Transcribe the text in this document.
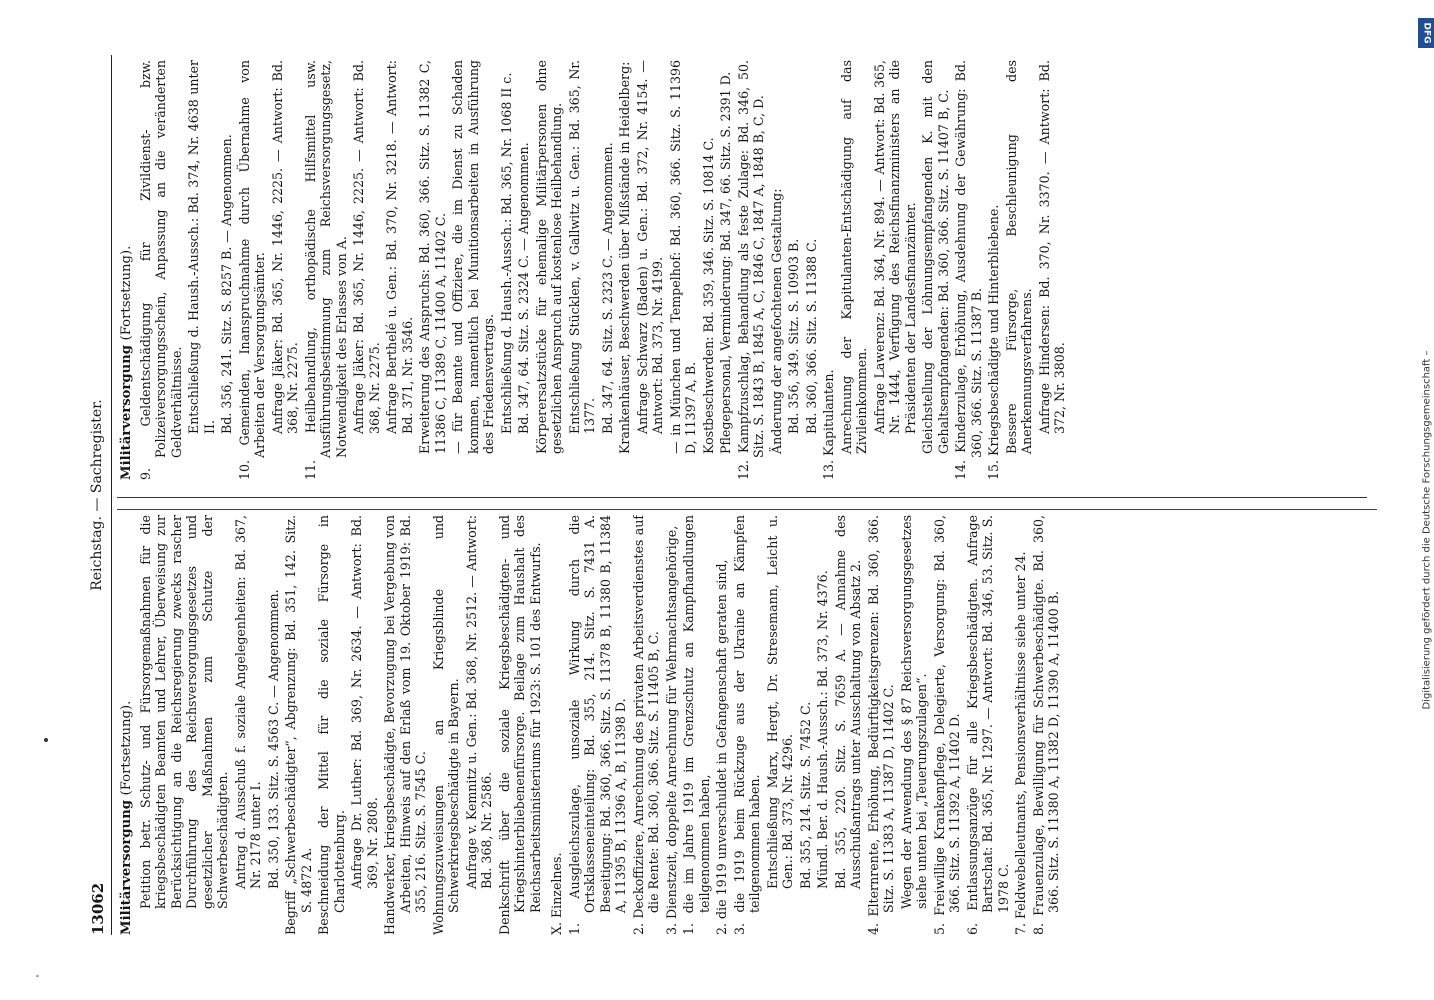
13062
Reichstag. — Sachregister.
Militärversorgung (Fortsetzung). Petition betr. Schutz- und Fürsorgemaßnahmen für die kriegsbeschädigten Beamten und Lehrer, Überweisung zur Berücksichtigung an die Reichsregierung zwecks rascher Durchführung des Reichsversorgungsgesetzes und gesetzlicher Maßnahmen zum Schutze der Schwerbeschädigten. Antrag d. Ausschuß f. soziale Angelegenheiten: Bd. 367, Nr. 2178 unter I. Bd. 350, 133. Sitz. S. 4563 C. — Angenommen. Begriff „Schwerbeschädigter“, Abgrenzung: Bd. 351, 142. Sitz. S. 4872 A. Beschneidung der Mittel für die soziale Fürsorge in Charlottenburg. Anfrage Dr. Luther: Bd. 369, Nr. 2634. — Antwort: Bd. 369, Nr. 2808. Handwerker, kriegsbeschädigte, Bevorzugung bei Vergebung von Arbeiten, Hinweis auf den Erlaß vom 19. Oktober 1919: Bd. 355, 216. Sitz. S. 7545 C. Wohnungszuweisungen an Kriegsblinde und Schwerkriegsbeschädigte in Bayern. Anfrage v. Kemnitz u. Gen.: Bd. 368, Nr. 2512. — Antwort: Bd. 368, Nr. 2586. Denkschrift über die soziale Kriegsbeschädigten- und Kriegshinterbliebenenfürsorge. Beilage zum Haushalt des Reichsarbeitsministeriums für 1923: S. 101 des Entwurfs. X. Einzelnes. 1. Ausgleichszulage, unsoziale Wirkung durch die Ortsklasseneinteilung: Bd. 355, 214. Sitz. S. 7431 A. Beseitigung: Bd. 360, 366. Sitz. S. 11378 B, 11380 B, 11384 A, 11395 B, 11396 A, B, 11398 D. 2. Deckoffiziere, Anrechnung des privaten Arbeitsverdienstes auf die Rente: Bd. 360, 366. Sitz. S. 11405 B, C. 3. Dienstzeit, doppelte Anrechnung für Wehrmachtsangehörige, 1. die im Jahre 1919 im Grenzschutz an Kampfhandlungen teilgenommen haben, 2. die 1919 unverschuldet in Gefangenschaft geraten sind, 3. die 1919 beim Rückzuge aus der Ukraine an Kämpfen teilgenommen haben. Entschließung Marx, Hergt, Dr. Stresemann, Leicht u. Gen.: Bd. 373, Nr. 4296. Bd. 355, 214. Sitz. S. 7452 C. Mündl. Ber. d. Haush.-Aussch.: Bd. 373, Nr. 4376. Bd. 355, 220. Sitz. S. 7659 A. — Annahme des Ausschußantrags unter Ausschaltung von Absatz 2. 4. Elternrente, Erhöhung, Bedürftigkeitsgrenzen: Bd. 360, 366. Sitz. S. 11383 A, 11387 D, 11402 C. Wegen der Anwendung des § 87 Reichsversorgungsgesetzes siehe unten bei „Teuerungszulagen“. 5. Freiwillige Krankenpflege, Delegierte, Versorgung: Bd. 360, 366. Sitz. S. 11392 A, 11402 D. 6. Entlassungsanzüge für alle Kriegsbeschädigten. Anfrage Bartschat: Bd. 365, Nr. 1297. — Antwort: Bd. 346, 53. Sitz. S. 1978 C. 7. Feldwebelleutnants, Pensionsverhältnisse siehe unter 24. 8. Frauenzulage, Bewilligung für Schwerbeschädigte. Bd. 360, 366. Sitz. S. 11380 A, 11382 D, 11390 A, 11400 B.

Militärversorgung (Fortsetzung). 9. Geldentschädigung für Zivildienst- bzw. Polizeiversorgungsschein, Anpassung an die veränderten Geldverhältnisse. Entschließung d. Haush.-Aussch.: Bd. 374, Nr. 4638 unter II. Bd. 356, 241. Sitz. S. 8257 B. — Angenommen. 10. Gemeinden, Inanspruchnahme durch Übernahme von Arbeiten der Versorgungsämter. Anfrage Jäker: Bd. 365, Nr. 1446, 2225. — Antwort: Bd. 368, Nr. 2275. 11. Heilbehandlung, orthopädische Hilfsmittel usw. Ausführungsbestimmung zum Reichsversorgungsgesetz, Notwendigkeit des Erlasses von A. Anfrage Jäker: Bd. 365, Nr. 1446, 2225. — Antwort: Bd. 368, Nr. 2275. Anfrage Berthelé u. Gen.: Bd. 370, Nr. 3218. — Antwort: Bd. 371, Nr. 3546. Erweiterung des Anspruchs: Bd. 360, 366. Sitz. S. 11382 C, 11386 C, 11389 C, 11400 A, 11402 C. — für Beamte und Offiziere, die im Dienst zu Schaden kommen, namentlich bei Munitionsarbeiten in Ausführung des Friedensvertrags. Entschließung d. Haush.-Aussch.: Bd. 365, Nr. 1068 II c. Bd. 347, 64. Sitz. S. 2324 C. — Angenommen. Körperersatzstücke für ehemalige Militärpersonen ohne gesetzlichen Anspruch auf kostenlose Heilbehandlung. Entschließung Stücklen, v. Gallwitz u. Gen.: Bd. 365, Nr. 1377. Bd. 347, 64. Sitz. S. 2323 C. — Angenommen. Krankenhäuser, Beschwerden über Mißstände in Heidelberg: Anfrage Schwarz (Baden) u. Gen.: Bd. 372, Nr. 4154. — Antwort: Bd. 373, Nr. 4199. — in München und Tempelhof: Bd. 360, 366. Sitz. S. 11396 D, 11397 A, B. Kostbeschwerden: Bd. 359, 346. Sitz. S. 10814 C. Pflegepersonal, Verminderung: Bd. 347, 66. Sitz. S. 2391 D. 12. Kampfzuschlag, Behandlung als feste Zulage: Bd. 346, 50. Sitz. S. 1843 B, 1845 A, C, 1846 C, 1847 A, 1848 B, C, D. Änderung der angefochtenen Gestaltung: Bd. 356, 349. Sitz. S. 10903 B. Bd. 360, 366. Sitz. S. 11388 C. 13. Kapitulanten. Anrechnung der Kapitulanten-Entschädigung auf das Zivileinkommen. Anfrage Lawerenz: Bd. 364, Nr. 894. — Antwort: Bd. 365, Nr. 1444, Verfügung des Reichsfinanzministers an die Präsidenten der Landesfinanzämter. Gleichstellung der Löhnungsempfangenden K. mit den Gehaltsempfangenden: Bd. 360, 366. Sitz. S. 11407 B, C. 14. Kinderzulage, Erhöhung, Ausdehnung der Gewährung: Bd. 360, 366. Sitz. S. 11387 B. 15. Kriegsbeschädigte und Hinterbliebene. Bessere Fürsorge, Beschleunigung des Anerkennungsverfahrens. Anfrage Hindersen: Bd. 370, Nr. 3370. — Antwort: Bd. 372, Nr. 3808.

DFG
Digitalisierung gefördert durch die Deutsche Forschungsgemeinschaft –
